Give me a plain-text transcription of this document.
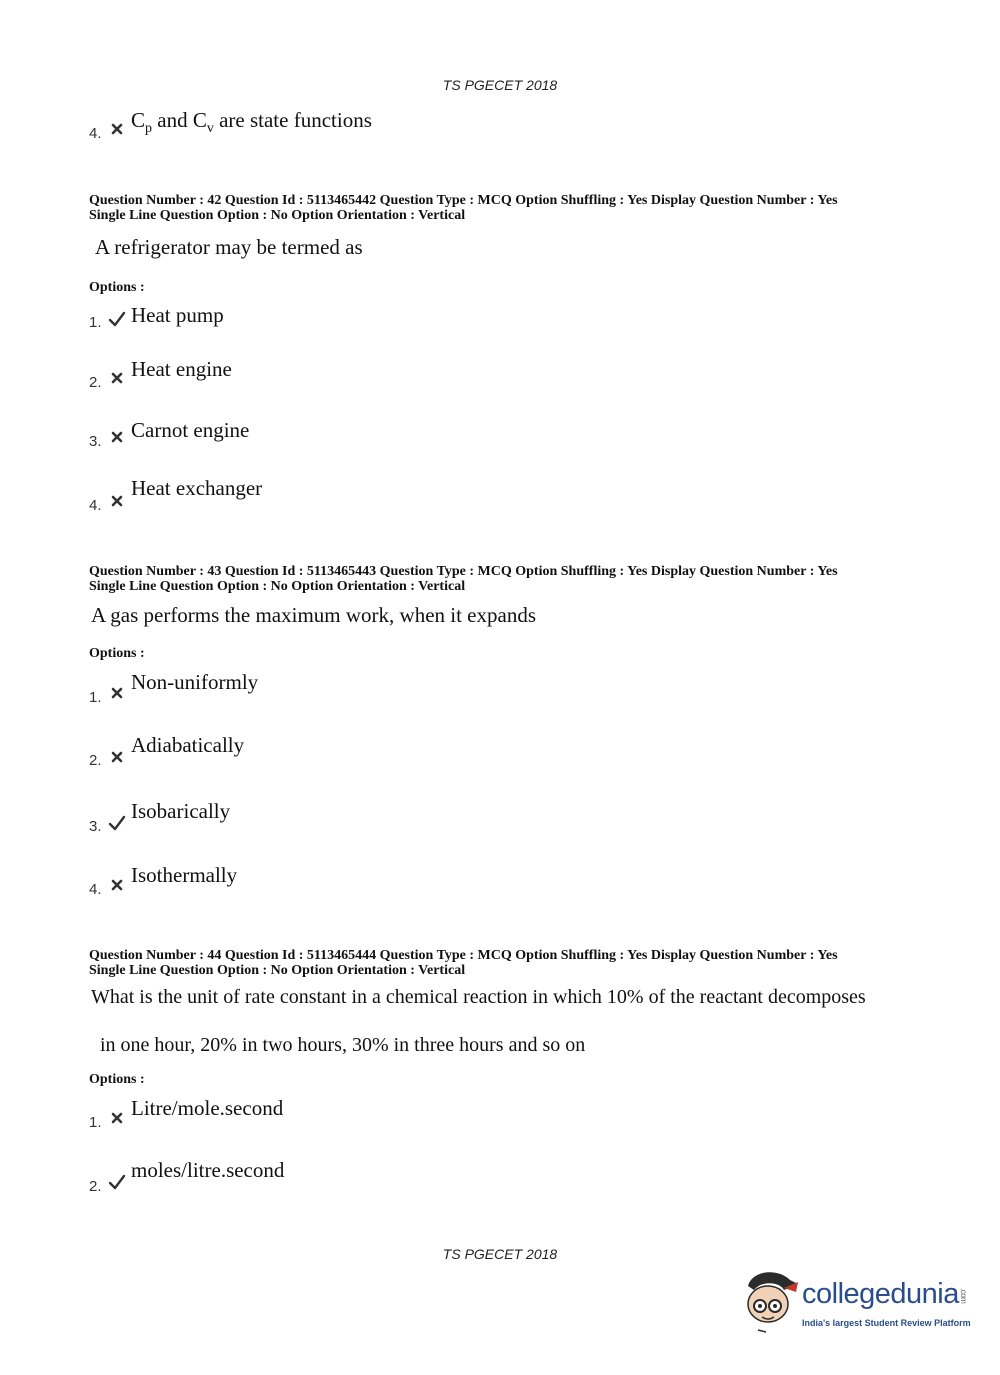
TS PGECET 2018
4.
$C_p$ and $C_v$ are state functions
Question Number : 42 Question Id : 5113465442 Question Type : MCQ Option Shuffling : Yes Display Question Number : Yes
Single Line Question Option : No Option Orientation : Vertical
A refrigerator may be termed as
Options :
1. Heat pump
2.
Heat engine
3. Carnot engine
4.
Heat exchanger
Question Number : 43 Question Id : 5113465443 Question Type : MCQ Option Shuffling : Yes Display Question Number : Yes
Single Line Question Option : No Option Orientation : Vertical
A gas performs the maximum work, when it expands
Options :
1.
Non-uniformly
2.
Adiabatically
3.
Isobarically
4.
Isothermally
Question Number : 44 Question Id : 5113465444 Question Type : MCQ Option Shuffling : Yes Display Question Number : Yes
Single Line Question Option : No Option Orientation : Vertical
What is the unit of rate constant in a chemical reaction in which 10% of the reactant decomposes
in one hour, 20% in two hours, 30% in three hours and so on
Options :
1.
Litre/mole.second
2.
moles/litre.second
TS PGECET 2018
collegedunia.com
India's largest Student Review Platform
